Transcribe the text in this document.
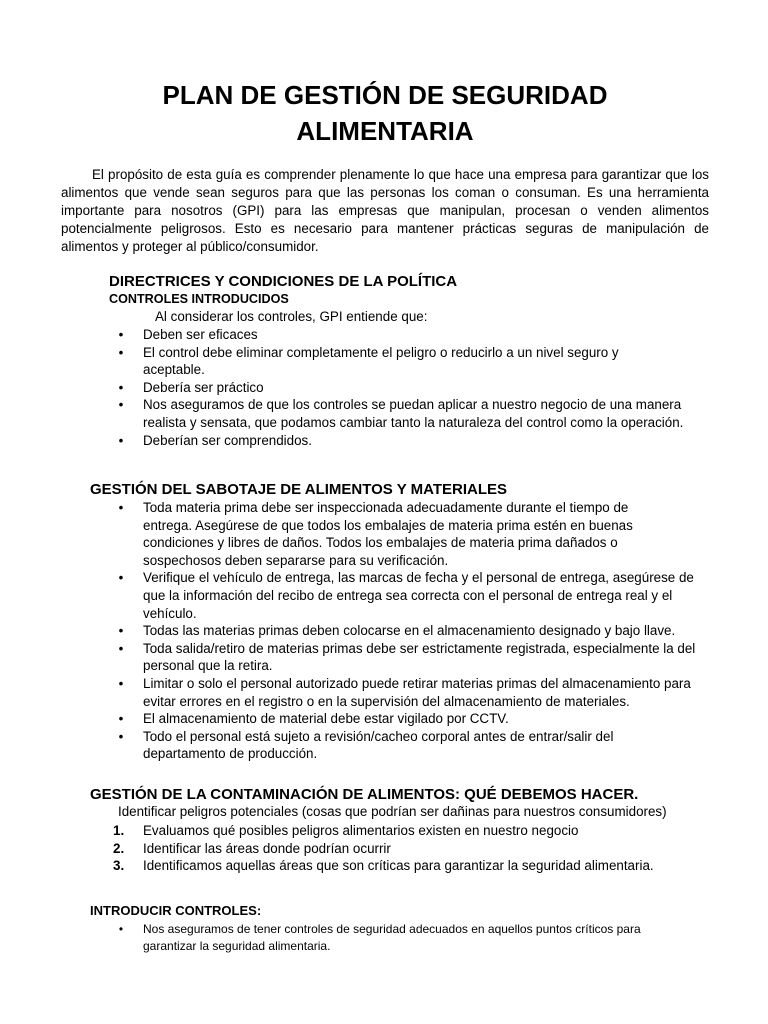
PLAN DE GESTIÓN DE SEGURIDAD
ALIMENTARIA

El propósito de esta guía es comprender plenamente lo que hace una empresa para garantizar que los alimentos que vende sean seguros para que las personas los coman o consuman. Es una herramienta importante para nosotros (GPI) para las empresas que manipulan, procesan o venden alimentos potencialmente peligrosos. Esto es necesario para mantener prácticas seguras de manipulación de alimentos y proteger al público/consumidor.

DIRECTRICES Y CONDICIONES DE LA POLÍTICA
CONTROLES INTRODUCIDOS

Al considerar los controles, GPI entiende que:

• Deben ser eficaces
• El control debe eliminar completamente el peligro o reducirlo a un nivel seguro y aceptable.
• Debería ser práctico
• Nos aseguramos de que los controles se puedan aplicar a nuestro negocio de una manera realista y sensata, que podamos cambiar tanto la naturaleza del control como la operación.
• Deberían ser comprendidos.
GESTIÓN DEL SABOTAJE DE ALIMENTOS Y MATERIALES
• Toda materia prima debe ser inspeccionada adecuadamente durante el tiempo de entrega. Asegúrese de que todos los embalajes de materia prima estén en buenas condiciones y libres de daños. Todos los embalajes de materia prima dañados o sospechosos deben separarse para su verificación.
• Verifique el vehículo de entrega, las marcas de fecha y el personal de entrega, asegúrese de que la información del recibo de entrega sea correcta con el personal de entrega real y el vehículo.
• Todas las materias primas deben colocarse en el almacenamiento designado y bajo llave.
• Toda salida/retiro de materias primas debe ser estrictamente registrada, especialmente la del personal que la retira.
• Limitar o solo el personal autorizado puede retirar materias primas del almacenamiento para evitar errores en el registro o en la supervisión del almacenamiento de materiales.
• El almacenamiento de material debe estar vigilado por CCTV.
• Todo el personal está sujeto a revisión/cacheo corporal antes de entrar/salir del departamento de producción.
GESTIÓN DE LA CONTAMINACIÓN DE ALIMENTOS: QUÉ DEBEMOS HACER.

Identificar peligros potenciales (cosas que podrían ser dañinas para nuestros consumidores)

1.	Evaluamos qué posibles peligros alimentarios existen en nuestro negocio
2.	Identificar las áreas donde podrían ocurrir
3.	Identificamos aquellas áreas que son críticas para garantizar la seguridad alimentaria.
INTRODUCIR CONTROLES:
• Nos aseguramos de tener controles de seguridad adecuados en aquellos puntos críticos para garantizar la seguridad alimentaria.
